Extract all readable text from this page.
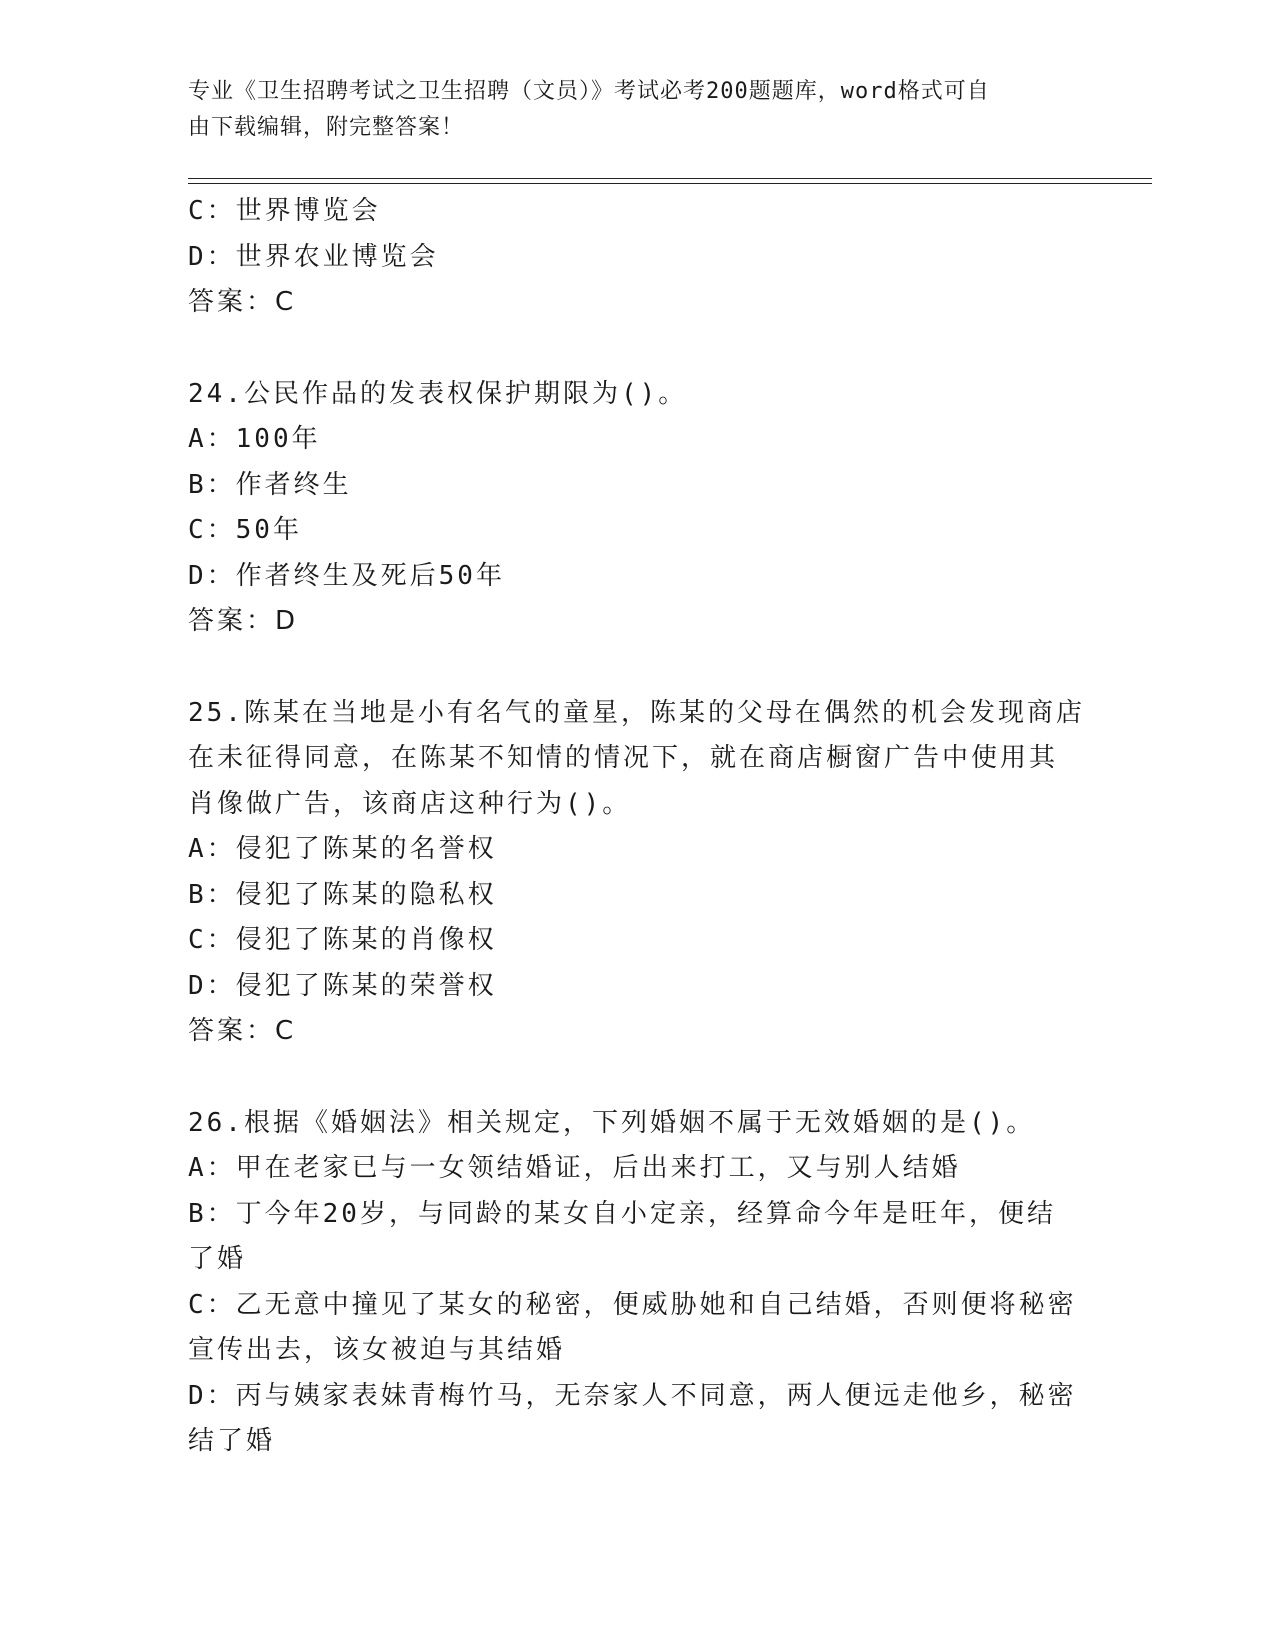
专业《卫生招聘考试之卫生招聘（文员）》考试必考200题题库，word格式可自
由下载编辑，附完整答案！
C：世界博览会
D：世界农业博览会
答案：C
24.公民作品的发表权保护期限为()。
A：100年
B：作者终生
C：50年
D：作者终生及死后50年
答案：D
25.陈某在当地是小有名气的童星，陈某的父母在偶然的机会发现商店
在未征得同意，在陈某不知情的情况下，就在商店橱窗广告中使用其
肖像做广告，该商店这种行为()。
A：侵犯了陈某的名誉权
B：侵犯了陈某的隐私权
C：侵犯了陈某的肖像权
D：侵犯了陈某的荣誉权
答案：C
26.根据《婚姻法》相关规定，下列婚姻不属于无效婚姻的是()。
A：甲在老家已与一女领结婚证，后出来打工，又与别人结婚
B：丁今年20岁，与同龄的某女自小定亲，经算命今年是旺年，便结
了婚
C：乙无意中撞见了某女的秘密，便威胁她和自己结婚，否则便将秘密
宣传出去，该女被迫与其结婚
D：丙与姨家表妹青梅竹马，无奈家人不同意，两人便远走他乡，秘密
结了婚
